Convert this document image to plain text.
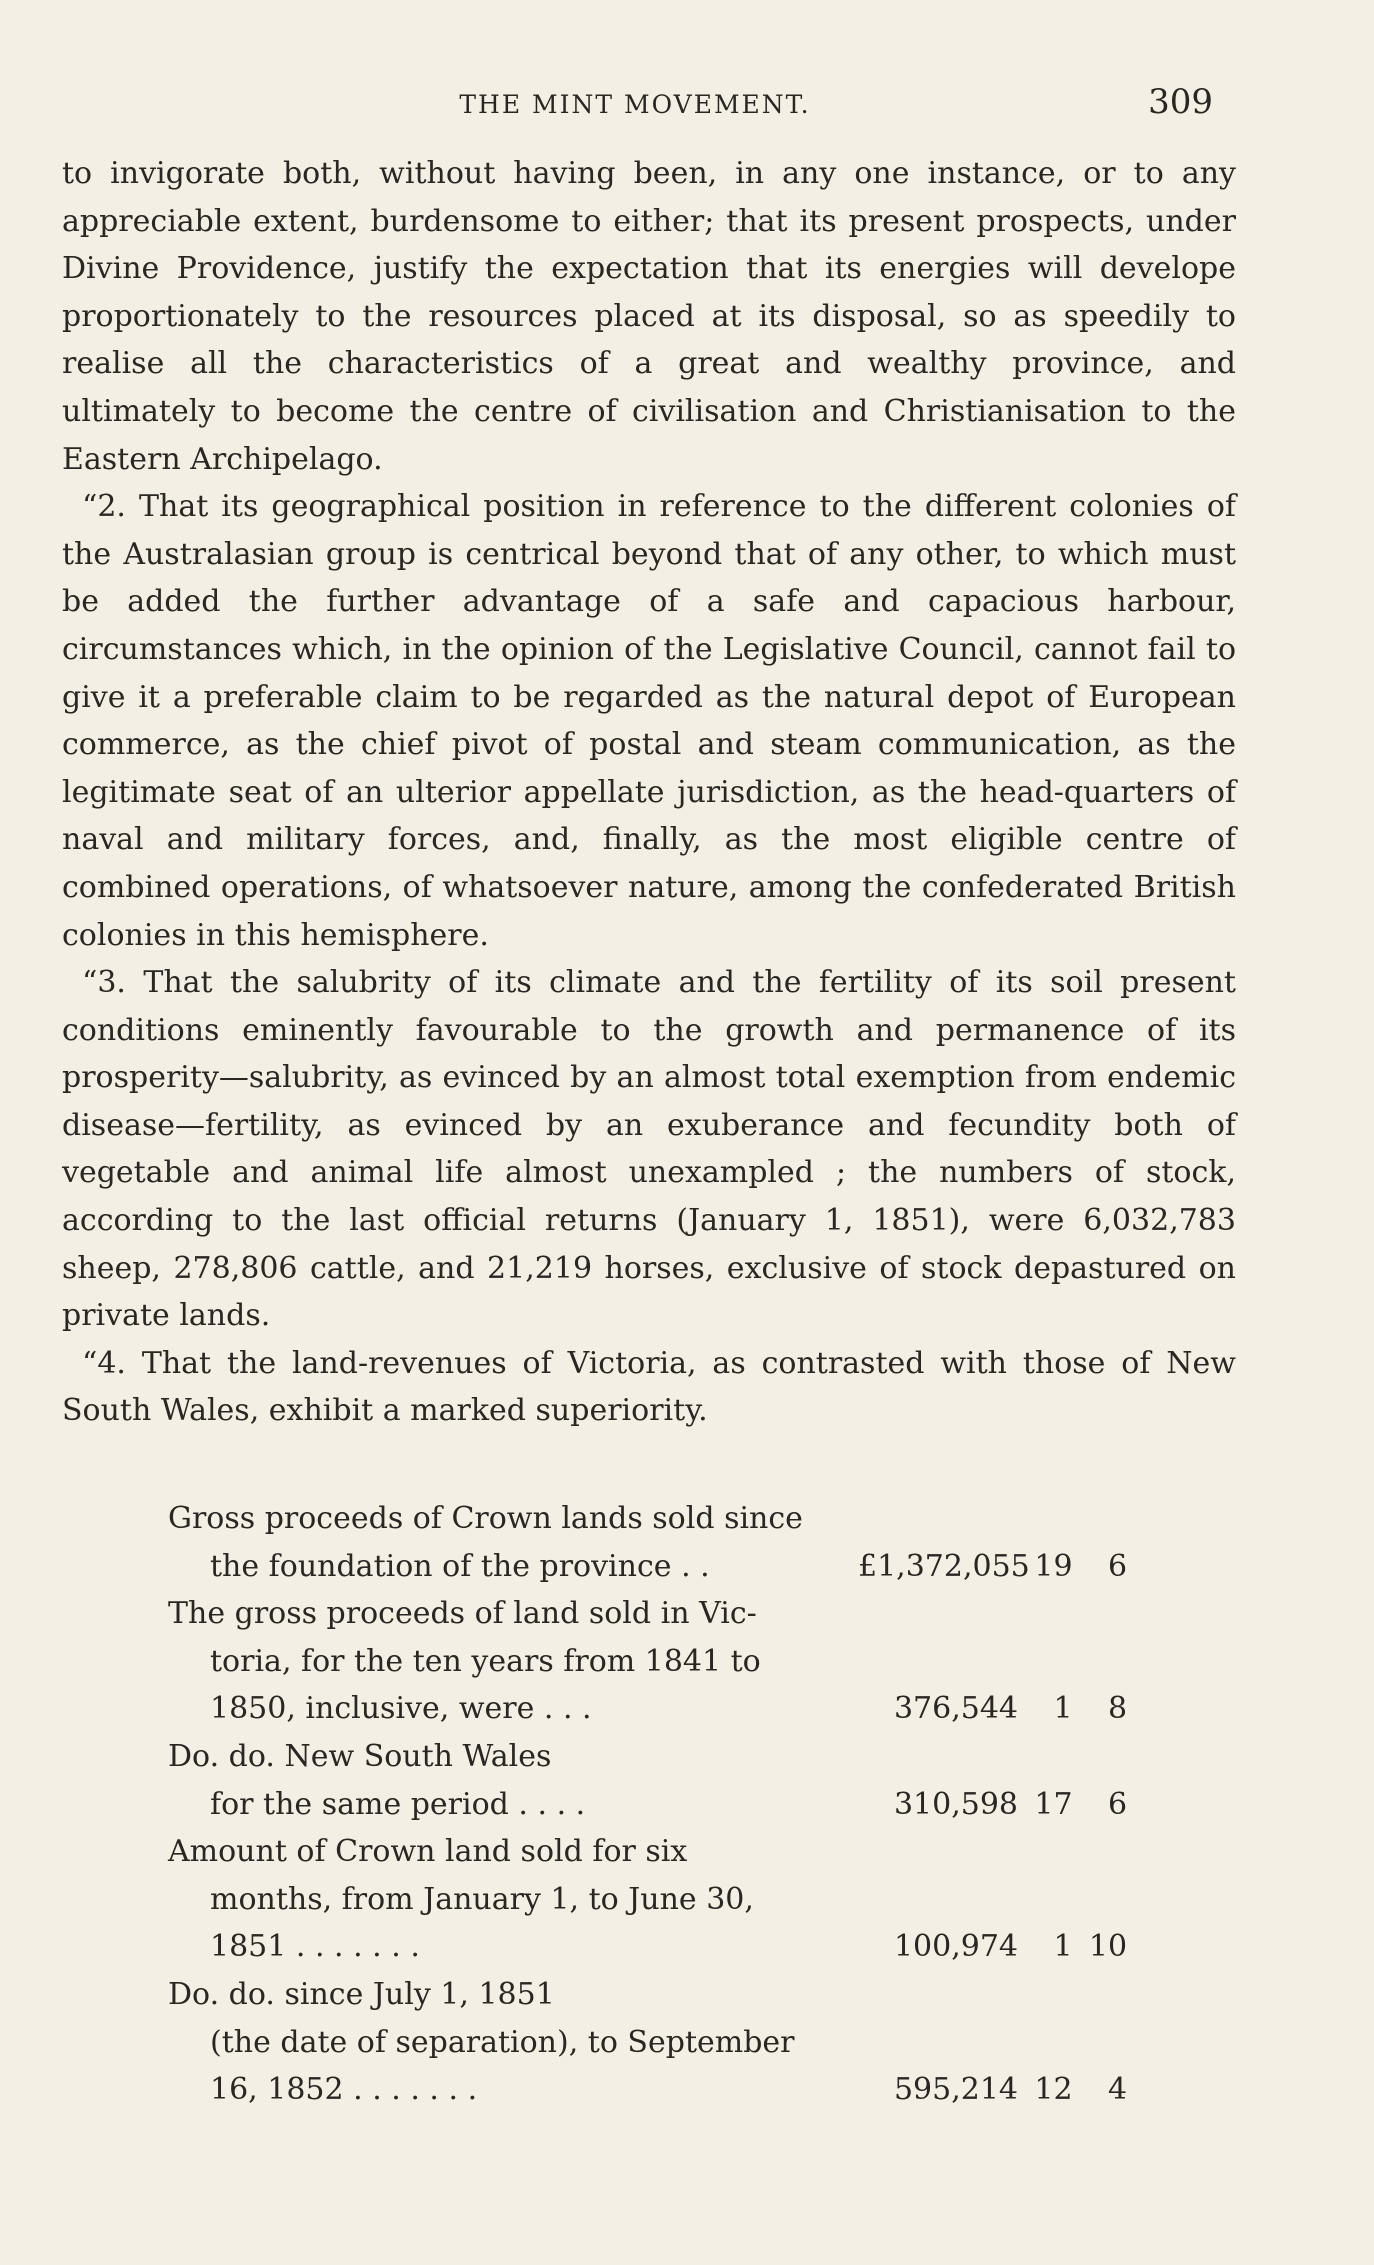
THE MINT MOVEMENT.	309

to invigorate both, without having been, in any one instance, or to any appreciable extent, burdensome to either; that its present prospects, under Divine Providence, justify the expectation that its energies will develope proportionately to the resources placed at its disposal, so as speedily to realise all the characteristics of a great and wealthy province, and ultimately to become the centre of civilisation and Christianisation to the Eastern Archipelago.

“2. That its geographical position in reference to the different colonies of the Australasian group is centrical beyond that of any other, to which must be added the further advantage of a safe and capacious harbour, circumstances which, in the opinion of the Legislative Council, cannot fail to give it a preferable claim to be regarded as the natural depot of European commerce, as the chief pivot of postal and steam communication, as the legitimate seat of an ulterior appellate jurisdiction, as the head-quarters of naval and military forces, and, finally, as the most eligible centre of combined operations, of whatsoever nature, among the confederated British colonies in this hemisphere.

“3. That the salubrity of its climate and the fertility of its soil present conditions eminently favourable to the growth and permanence of its prosperity—salubrity, as evinced by an almost total exemption from endemic disease—fertility, as evinced by an exuberance and fecundity both of vegetable and animal life almost unexampled ; the numbers of stock, according to the last official returns (January 1, 1851), were 6,032,783 sheep, 278,806 cattle, and 21,219 horses, exclusive of stock depastured on private lands.

“4. That the land-revenues of Victoria, as contrasted with those of New South Wales, exhibit a marked superiority.

Gross proceeds of Crown lands sold since
the foundation of the province . .	£1,372,055 19 6
The gross proceeds of land sold in Vic-
toria, for the ten years from 1841 to
1850, inclusive, were . . .	376,544 1 8
Do. do. New South Wales
for the same period . . . .	310,598 17 6
Amount of Crown land sold for six
months, from January 1, to June 30,
1851 . . . . . . .	100,974 1 10
Do. do. since July 1, 1851
(the date of separation), to September
16, 1852 . . . . . . .	595,214 12 4
